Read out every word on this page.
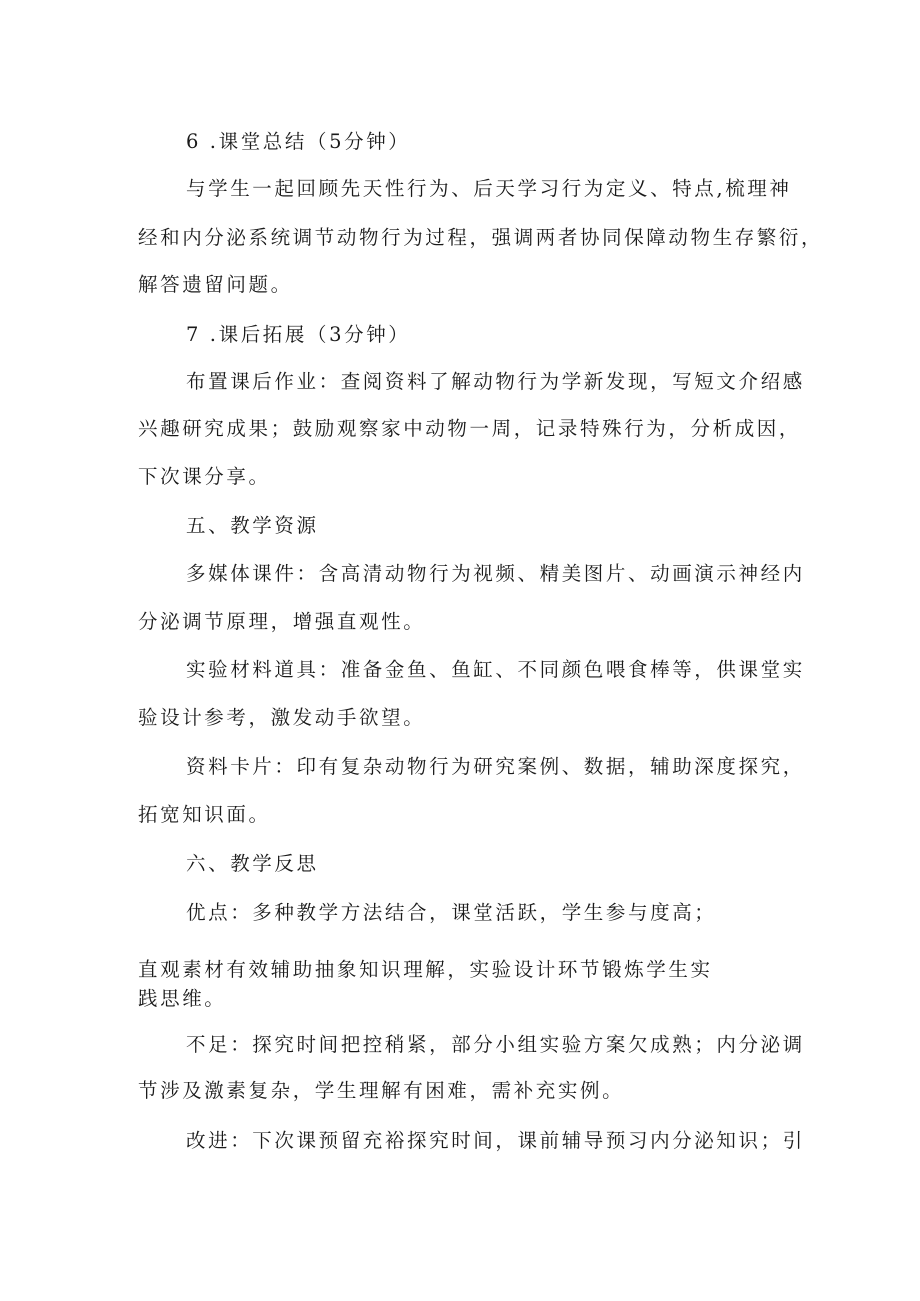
6 .课堂总结（5分钟）
与学生一起回顾先天性行为、后天学习行为定义、特点,梳理神
经和内分泌系统调节动物行为过程，强调两者协同保障动物生存繁衍，
解答遗留问题。
7 .课后拓展（3分钟）
布置课后作业：查阅资料了解动物行为学新发现，写短文介绍感
兴趣研究成果；鼓励观察家中动物一周，记录特殊行为，分析成因，
下次课分享。
五、教学资源
多媒体课件：含高清动物行为视频、精美图片、动画演示神经内
分泌调节原理，增强直观性。
实验材料道具：准备金鱼、鱼缸、不同颜色喂食棒等，供课堂实
验设计参考，激发动手欲望。
资料卡片：印有复杂动物行为研究案例、数据，辅助深度探究，
拓宽知识面。
六、教学反思
优点：多种教学方法结合，课堂活跃，学生参与度高；
直观素材有效辅助抽象知识理解，实验设计环节锻炼学生实
践思维。
不足：探究时间把控稍紧，部分小组实验方案欠成熟；内分泌调
节涉及激素复杂，学生理解有困难，需补充实例。
改进：下次课预留充裕探究时间，课前辅导预习内分泌知识；引
